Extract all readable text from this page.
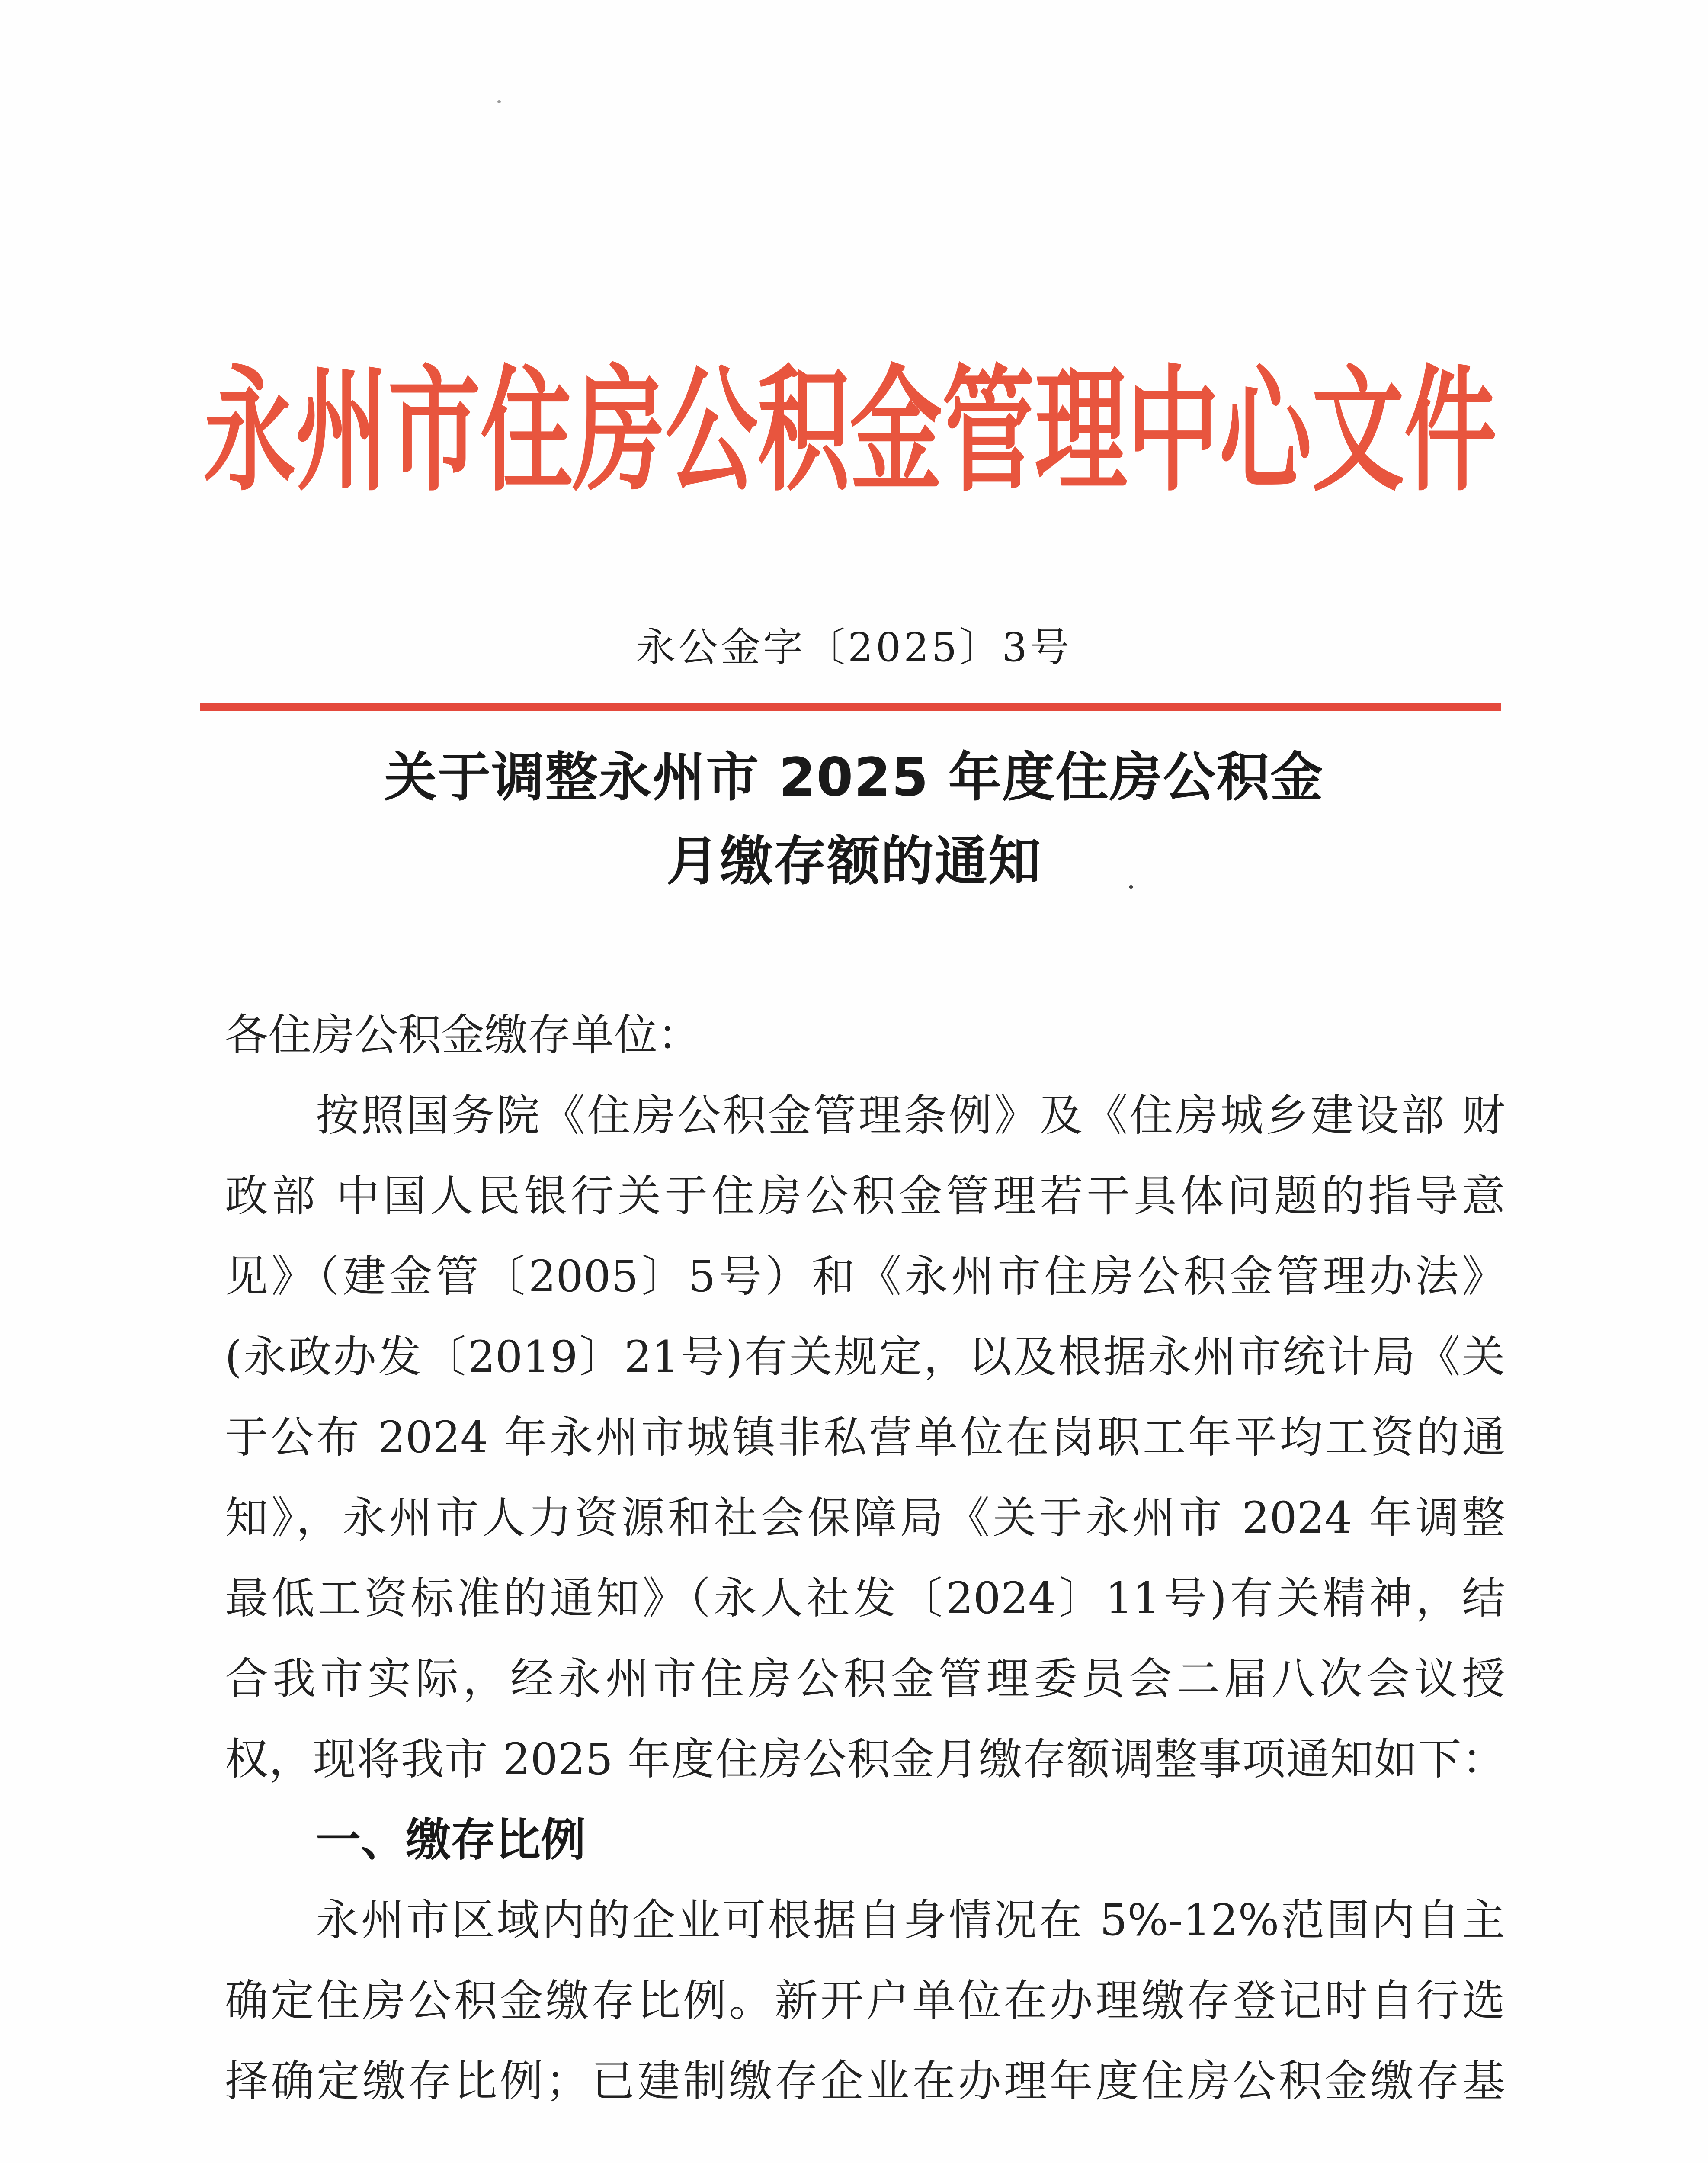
永州市住房公积金管理中心文件
永公金字〔2025〕3号
关于调整永州市 2025 年度住房公积金
月缴存额的通知
各住房公积金缴存单位：
按照国务院《住房公积金管理条例》及《住房城乡建设部 财
政部 中国人民银行关于住房公积金管理若干具体问题的指导意
见》（建金管〔2005〕5号）和《永州市住房公积金管理办法》
(永政办发〔2019〕21号)有关规定，以及根据永州市统计局《关
于公布 2024 年永州市城镇非私营单位在岗职工年平均工资的通
知》，永州市人力资源和社会保障局《关于永州市 2024 年调整
最低工资标准的通知》（永人社发〔2024〕11号)有关精神，结
合我市实际，经永州市住房公积金管理委员会二届八次会议授
权，现将我市 2025 年度住房公积金月缴存额调整事项通知如下：
一、缴存比例
永州市区域内的企业可根据自身情况在 5%-12%范围内自主
确定住房公积金缴存比例。新开户单位在办理缴存登记时自行选
择确定缴存比例；已建制缴存企业在办理年度住房公积金缴存基
